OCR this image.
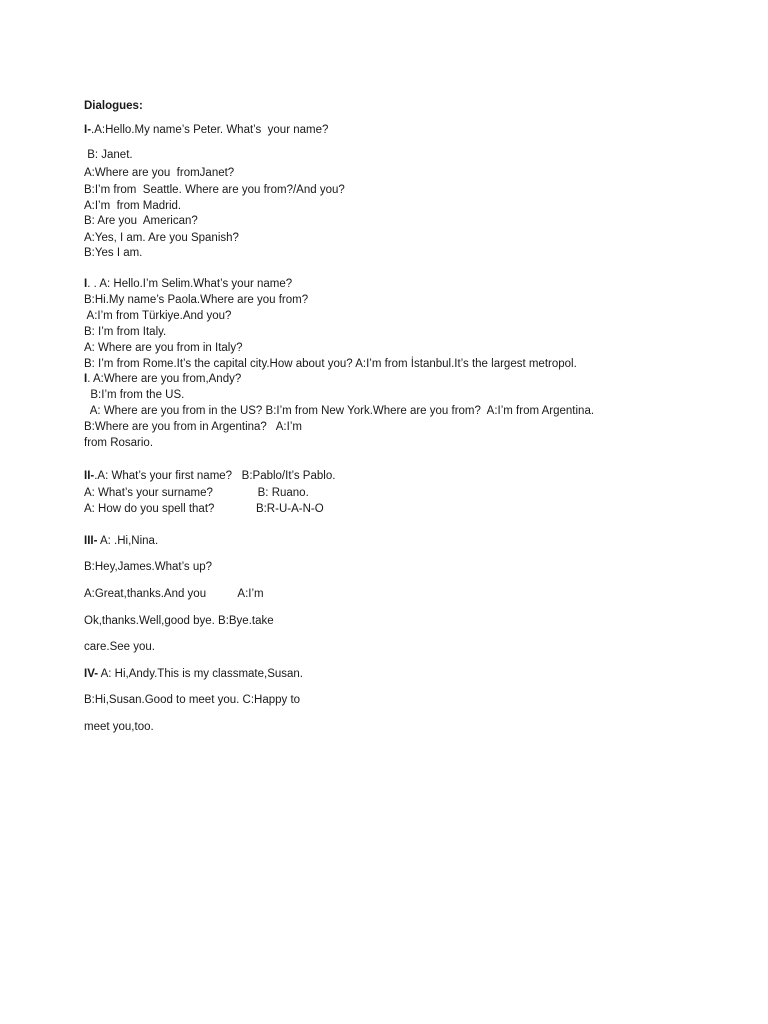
Dialogues:
I-.A:Hello.My name’s Peter. What’s  your name?
B: Janet.
A:Where are you  fromJanet?
B:I’m from  Seattle. Where are you from?/And you?
A:I’m  from Madrid.
B: Are you  American?
A:Yes, I am. Are you Spanish?
B:Yes I am.
I. . A: Hello.I’m Selim.What’s your name?
B:Hi.My name’s Paola.Where are you from?
A:I’m from Türkiye.And you?
B: I’m from Italy.
A: Where are you from in Italy?
B: I’m from Rome.It’s the capital city.How about you? A:I’m from İstanbul.It’s the largest metropol.
I. A:Where are you from,Andy?
B:I’m from the US.
A: Where are you from in the US? B:I’m from New York.Where are you from?  A:I’m from Argentina.
B:Where are you from in Argentina?   A:I’m
from Rosario.
II-.A: What’s your first name?   B:Pablo/It’s Pablo.
A: What’s your surname?              B: Ruano.
A: How do you spell that?             B:R-U-A-N-O
III- A: .Hi,Nina.
B:Hey,James.What’s up?
A:Great,thanks.And you          A:I’m
Ok,thanks.Well,good bye. B:Bye.take
care.See you.
IV- A: Hi,Andy.This is my classmate,Susan.
B:Hi,Susan.Good to meet you. C:Happy to
meet you,too.
